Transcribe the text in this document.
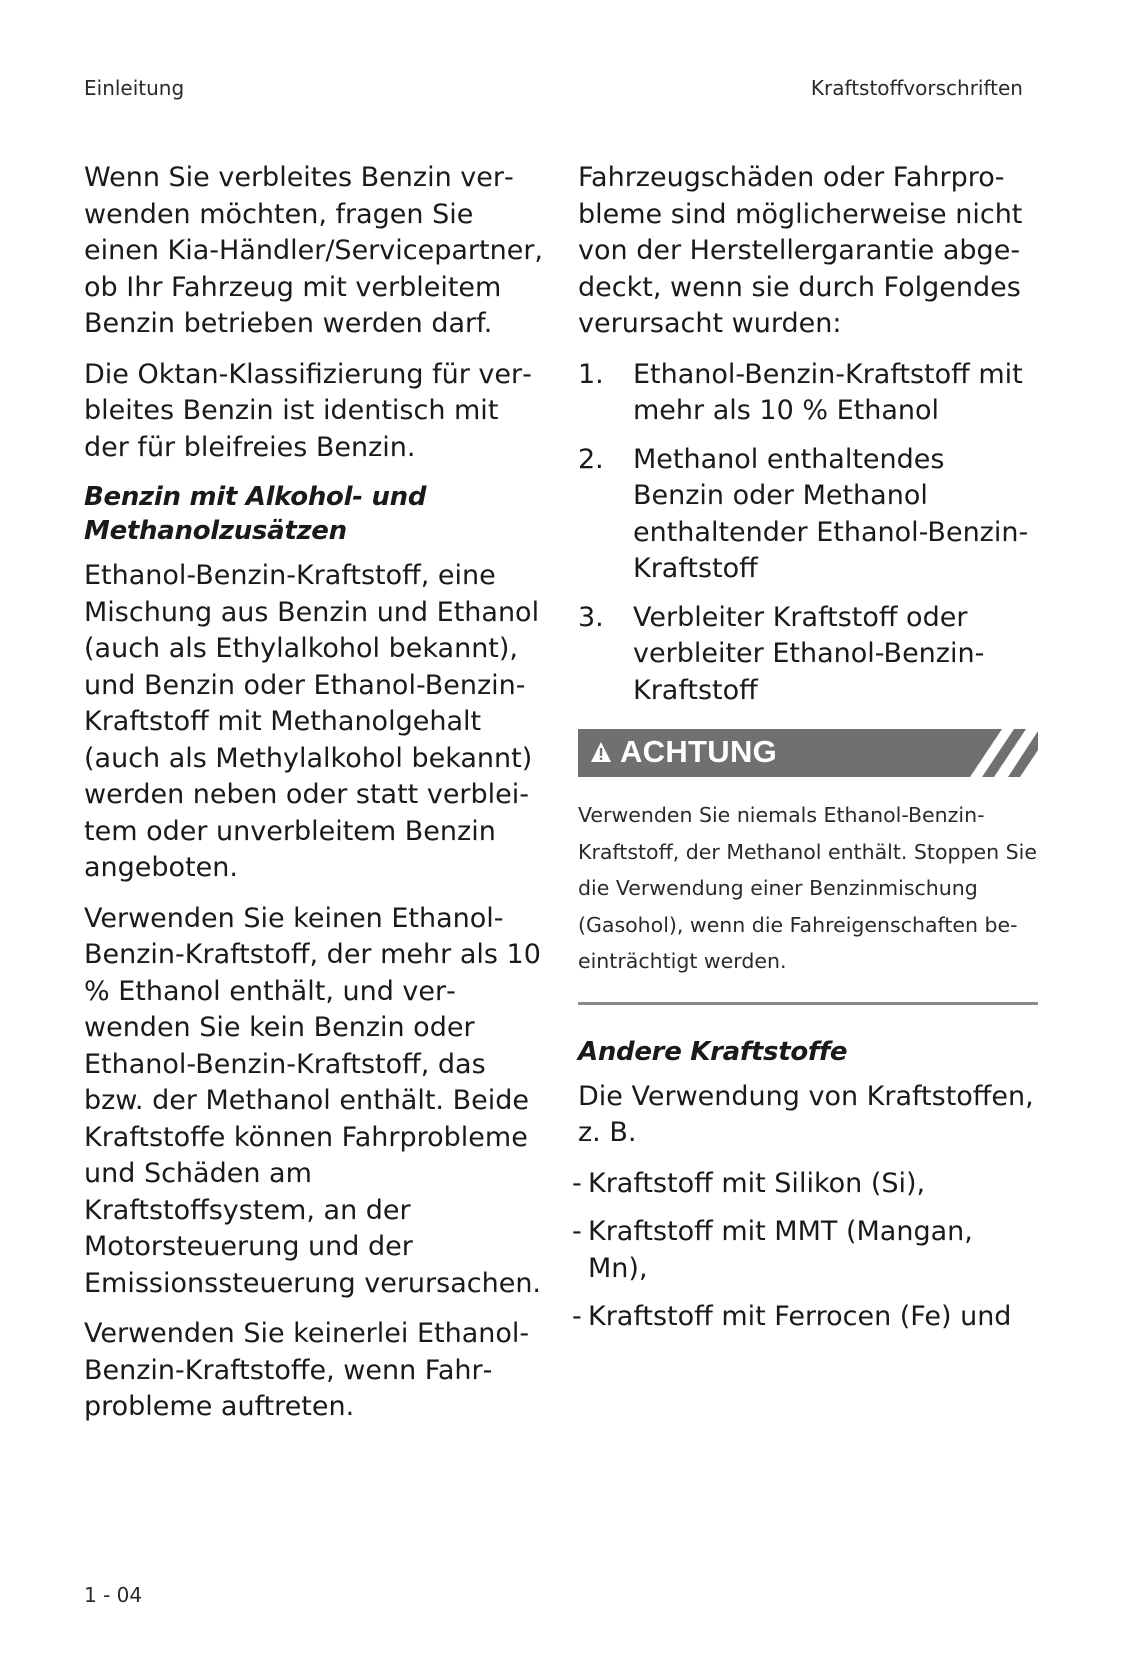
Einleitung	Kraftstoffvorschriften

Wenn Sie verbleites Benzin verwenden möchten, fragen Sie einen Kia-Händler/Servicepartner, ob Ihr Fahrzeug mit verbleitem Benzin betrieben werden darf.

Die Oktan-Klassifizierung für verbleites Benzin ist identisch mit der für bleifreies Benzin.

Benzin mit Alkohol- und
Methanolzusätzen

Ethanol-Benzin-Kraftstoff, eine Mischung aus Benzin und Ethanol (auch als Ethylalkohol bekannt), und Benzin oder Ethanol-Benzin-Kraftstoff mit Methanolgehalt (auch als Methylalkohol bekannt) werden neben oder statt verbleitem oder unverbleitem Benzin angeboten.

Verwenden Sie keinen Ethanol-Benzin-Kraftstoff, der mehr als 10 % Ethanol enthält, und verwenden Sie kein Benzin oder Ethanol-Benzin-Kraftstoff, das bzw. der Methanol enthält. Beide Kraftstoffe können Fahrprobleme und Schäden am Kraftstoffsystem, an der Motorsteuerung und der Emissionssteuerung verursachen.

Verwenden Sie keinerlei Ethanol-Benzin-Kraftstoffe, wenn Fahrprobleme auftreten.

Fahrzeugschäden oder Fahrprobleme sind möglicherweise nicht von der Herstellergarantie abgedeckt, wenn sie durch Folgendes verursacht wurden:

1.	Ethanol-Benzin-Kraftstoff mit mehr als 10 % Ethanol
2.	Methanol enthaltendes Benzin oder Methanol enthaltender Ethanol-Benzin-Kraftstoff
3.	Verbleiter Kraftstoff oder verbleiter Ethanol-Benzin-Kraftstoff
ACHTUNG

Verwenden Sie niemals Ethanol-Benzin-Kraftstoff, der Methanol enthält. Stoppen Sie die Verwendung einer Benzinmischung (Gasohol), wenn die Fahreigenschaften beeinträchtigt werden.

Andere Kraftstoffe

Die Verwendung von Kraftstoffen, z. B.

- Kraftstoff mit Silikon (Si),
- Kraftstoff mit MMT (Mangan, Mn),
- Kraftstoff mit Ferrocen (Fe) und
1 - 04
